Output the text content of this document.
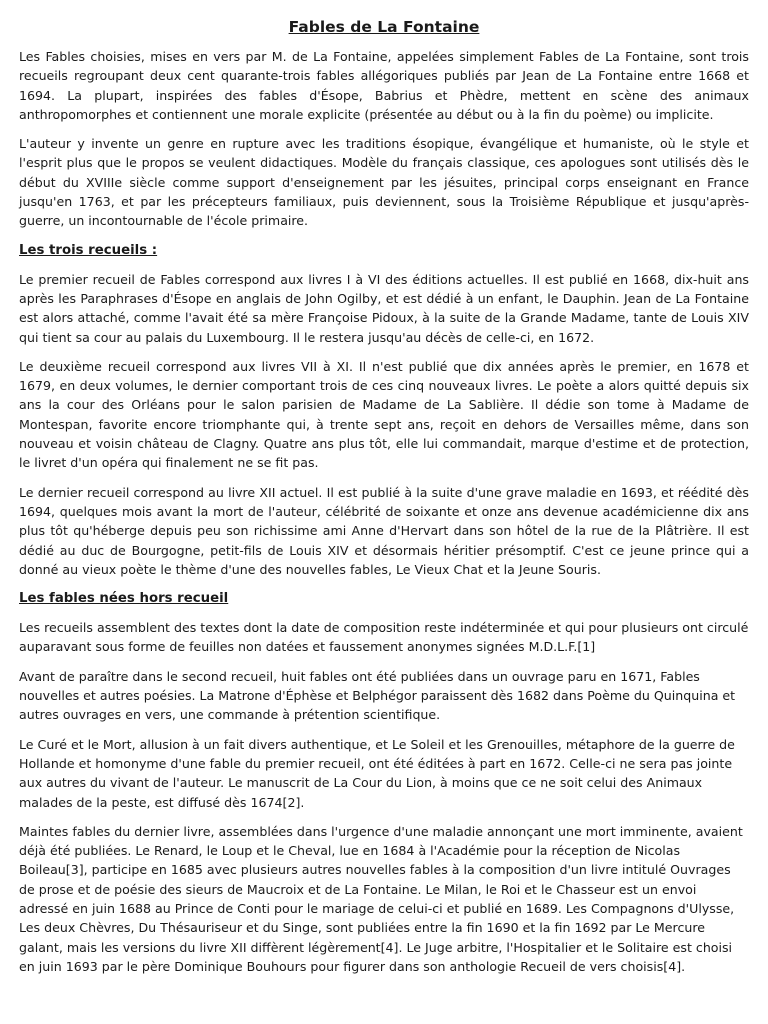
Fables de La Fontaine

Les Fables choisies, mises en vers par M. de La Fontaine, appelées simplement Fables de La Fontaine, sont trois recueils regroupant deux cent quarante-trois fables allégoriques publiés par Jean de La Fontaine entre 1668 et 1694. La plupart, inspirées des fables d'Ésope, Babrius et Phèdre, mettent en scène des animaux anthropomorphes et contiennent une morale explicite (présentée au début ou à la fin du poème) ou implicite.

L'auteur y invente un genre en rupture avec les traditions ésopique, évangélique et humaniste, où le style et l'esprit plus que le propos se veulent didactiques. Modèle du français classique, ces apologues sont utilisés dès le début du XVIIIe siècle comme support d'enseignement par les jésuites, principal corps enseignant en France jusqu'en 1763, et par les précepteurs familiaux, puis deviennent, sous la Troisième République et jusqu'après-guerre, un incontournable de l'école primaire.

Les trois recueils :

Le premier recueil de Fables correspond aux livres I à VI des éditions actuelles. Il est publié en 1668, dix-huit ans après les Paraphrases d'Ésope en anglais de John Ogilby, et est dédié à un enfant, le Dauphin. Jean de La Fontaine est alors attaché, comme l'avait été sa mère Françoise Pidoux, à la suite de la Grande Madame, tante de Louis XIV qui tient sa cour au palais du Luxembourg. Il le restera jusqu'au décès de celle-ci, en 1672.

Le deuxième recueil correspond aux livres VII à XI. Il n'est publié que dix années après le premier, en 1678 et 1679, en deux volumes, le dernier comportant trois de ces cinq nouveaux livres. Le poète a alors quitté depuis six ans la cour des Orléans pour le salon parisien de Madame de La Sablière. Il dédie son tome à Madame de Montespan, favorite encore triomphante qui, à trente sept ans, reçoit en dehors de Versailles même, dans son nouveau et voisin château de Clagny. Quatre ans plus tôt, elle lui commandait, marque d'estime et de protection, le livret d'un opéra qui finalement ne se fit pas.

Le dernier recueil correspond au livre XII actuel. Il est publié à la suite d'une grave maladie en 1693, et réédité dès 1694, quelques mois avant la mort de l'auteur, célébrité de soixante et onze ans devenue académicienne dix ans plus tôt qu'héberge depuis peu son richissime ami Anne d'Hervart dans son hôtel de la rue de la Plâtrière. Il est dédié au duc de Bourgogne, petit-fils de Louis XIV et désormais héritier présomptif. C'est ce jeune prince qui a donné au vieux poète le thème d'une des nouvelles fables, Le Vieux Chat et la Jeune Souris.

Les fables nées hors recueil

Les recueils assemblent des textes dont la date de composition reste indéterminée et qui pour plusieurs ont circulé auparavant sous forme de feuilles non datées et faussement anonymes signées M.D.L.F.[1]

Avant de paraître dans le second recueil, huit fables ont été publiées dans un ouvrage paru en 1671, Fables nouvelles et autres poésies. La Matrone d'Éphèse et Belphégor paraissent dès 1682 dans Poème du Quinquina et autres ouvrages en vers, une commande à prétention scientifique.

Le Curé et le Mort, allusion à un fait divers authentique, et Le Soleil et les Grenouilles, métaphore de la guerre de Hollande et homonyme d'une fable du premier recueil, ont été éditées à part en 1672. Celle-ci ne sera pas jointe aux autres du vivant de l'auteur. Le manuscrit de La Cour du Lion, à moins que ce ne soit celui des Animaux malades de la peste, est diffusé dès 1674[2].

Maintes fables du dernier livre, assemblées dans l'urgence d'une maladie annonçant une mort imminente, avaient déjà été publiées. Le Renard, le Loup et le Cheval, lue en 1684 à l'Académie pour la réception de Nicolas Boileau[3], participe en 1685 avec plusieurs autres nouvelles fables à la composition d'un livre intitulé Ouvrages de prose et de poésie des sieurs de Maucroix et de La Fontaine. Le Milan, le Roi et le Chasseur est un envoi adressé en juin 1688 au Prince de Conti pour le mariage de celui-ci et publié en 1689. Les Compagnons d'Ulysse, Les deux Chèvres, Du Thésauriseur et du Singe, sont publiées entre la fin 1690 et la fin 1692 par Le Mercure galant, mais les versions du livre XII diffèrent légèrement[4]. Le Juge arbitre, l'Hospitalier et le Solitaire est choisi en juin 1693 par le père Dominique Bouhours pour figurer dans son anthologie Recueil de vers choisis[4].
